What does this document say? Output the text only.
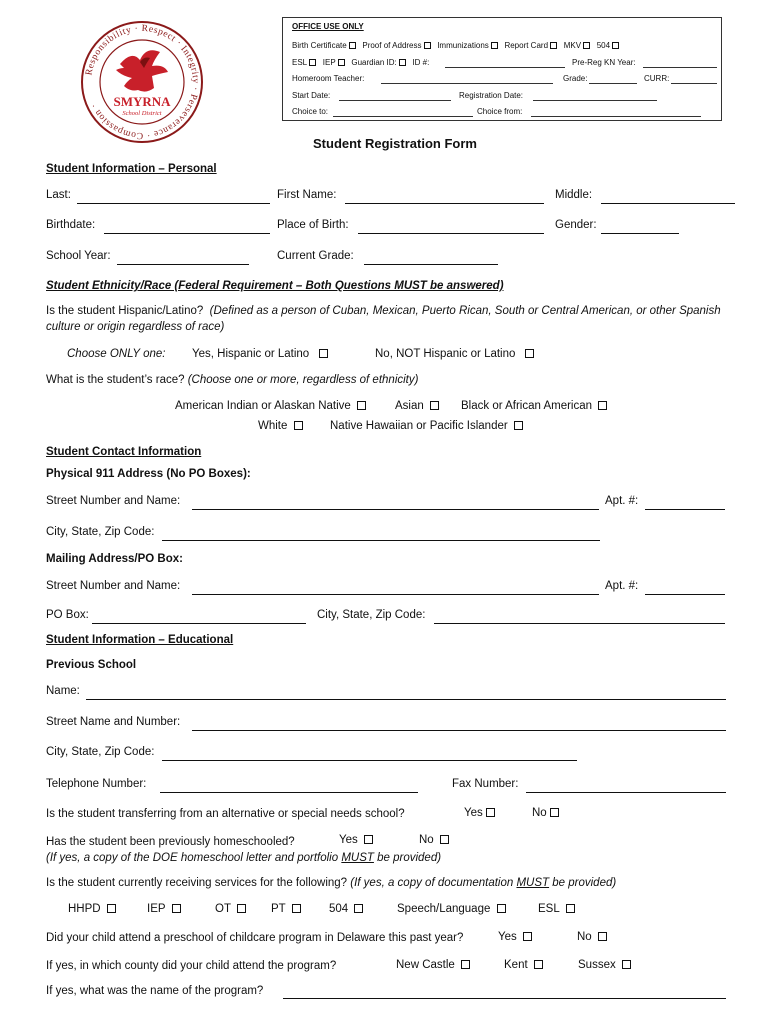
Responsibility · Respect · Integrity · Perseverance · Compassion ·	SMYRNA
School District
OFFICE USE ONLY
Birth Certificate Proof of Address Immunizations Report Card MKV 504
ESL IEP Guardian ID: ID #:	Pre-Reg KN Year:
Homeroom Teacher:	Grade:	CURR:
Start Date:	Registration Date:
Choice to:	Choice from:
Student Registration Form
Student Information – Personal
Last:	First Name:	Middle:
Birthdate:	Place of Birth:	Gender:
School Year:	Current Grade:
Student Ethnicity/Race (Federal Requirement – Both Questions MUST be answered)
Is the student Hispanic/Latino? (Defined as a person of Cuban, Mexican, Puerto Rican, South or Central American, or other Spanish
culture or origin regardless of race)
Choose ONLY one: Yes, Hispanic or Latino	No, NOT Hispanic or Latino
What is the student’s race? (Choose one or more, regardless of ethnicity)
American Indian or Alaskan Native	Asian	Black or African American
White	Native Hawaiian or Pacific Islander
Student Contact Information
Physical 911 Address (No PO Boxes):
Street Number and Name:	Apt. #:
City, State, Zip Code:
Mailing Address/PO Box:
Street Number and Name:	Apt. #:
PO Box:	City, State, Zip Code:
Student Information – Educational
Previous School
Name:
Street Name and Number:
City, State, Zip Code:
Telephone Number:	Fax Number:
Is the student transferring from an alternative or special needs school?	Yes	No
Has the student been previously homeschooled?	Yes	No
(If yes, a copy of the DOE homeschool letter and portfolio MUST be provided)
Is the student currently receiving services for the following? (If yes, a copy of documentation MUST be provided)
HHPD	IEP	OT	PT	504	Speech/Language	ESL
Did your child attend a preschool of childcare program in Delaware this past year?	Yes	No
If yes, in which county did your child attend the program?	New Castle	Kent	Sussex
If yes, what was the name of the program?
